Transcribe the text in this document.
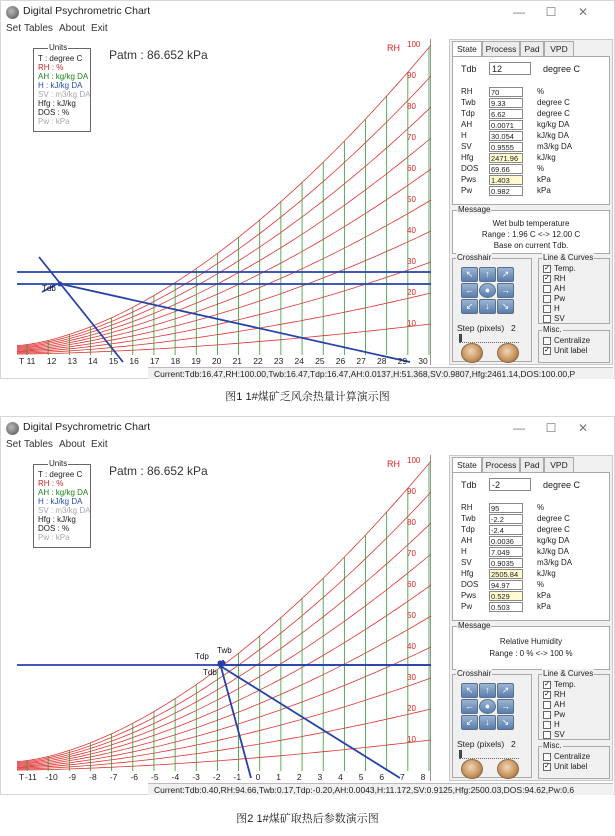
Digital Psychrometric Chart	—	☐	✕
Set Tables About Exit
Tdb
100
90
80
70
60
50
40
30
20
10
T 11 12 13 14 15 16 17 18 19 20 21 22 23 24 25 26 27 28 29 30
Units
T : degree C
RH : %
AH : kg/kg DA
H : kJ/kg DA
SV : m3/kg DA
Hfg : kJ/kg
DOS : %
Pw : kPa
Patm : 86.652 kPa	RH	State	Process Pad	VPD
Tdb	12	degree C
RH 70	%
Twb 9.33	degree C
Tdp 6.62	degree C
AH	0.0071	kg/kg DA
H	30.054	kJ/kg DA
SV	0.9555	m3/kg DA
Hfg 2471.96	kJ/kg
DOS 69.66	%
Pws 1.403	kPa
Pw	0.982	kPa
Message
Wet bulb temperature
Range : 1.96 C <-> 12.00 C
Base on current Tdb.
Crosshair
↖	↑	↗
←	●	→
↙	↓	↘
Step (pixels) 2
Line & Curves
✓ Temp.
✓ RH
AH
Pw
H
SV
Misc.
Centralize
✓ Unit label
Current:Tdb:16.47,RH:100.00,Twb:16.47,Tdp:16.47,AH:0.0137,H:51.368,SV:0.9807,Hfg:2461.14,DOS:100.00,P
图1 1#煤矿乏风余热量计算演示图
Digital Psychrometric Chart	—	☐	✕
Set Tables About Exit
Tdp
Twb
Tdb
100
90
80
70
60
50
40
30
20
10
T -11 -10 -9 -8 -7 -6 -5 -4 -3 -2 -1 0 1 2 3 4 5 6 7 8
Units
T : degree C
RH : %
AH : kg/kg DA
H : kJ/kg DA
SV : m3/kg DA
Hfg : kJ/kg
DOS : %
Pw : kPa
Patm : 86.652 kPa	RH	State	Process Pad	VPD
Tdb	-2	degree C
RH 95	%
Twb -2.2	degree C
Tdp -2.4	degree C
AH	0.0036	kg/kg DA
H	7.049	kJ/kg DA
SV	0.9035	m3/kg DA
Hfg 2505.84	kJ/kg
DOS 94.97	%
Pws 0.529	kPa
Pw	0.503	kPa
Message
Relative Humidity
Range : 0 % <-> 100 %
Crosshair
↖	↑	↗
←	●	→
↙	↓	↘
Step (pixels) 2
Line & Curves
✓ Temp.
✓ RH
AH
Pw
H
SV
Misc.
Centralize
✓ Unit label
Current:Tdb:0.40,RH:94.66,Twb:0.17,Tdp:-0.20,AH:0.0043,H:11.172,SV:0.9125,Hfg:2500.03,DOS:94.62,Pw:0.6
图2 1#煤矿取热后参数演示图
